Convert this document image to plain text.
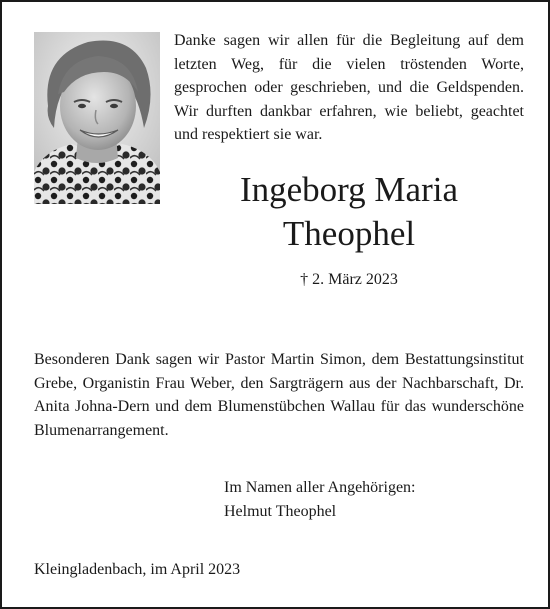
Danke sagen wir allen für die Begleitung auf dem letzten Weg, für die vielen tröstenden Worte, gesprochen oder geschrieben, und die Geldspenden. Wir durften dankbar erfahren, wie beliebt, geachtet und respektiert sie war.

Ingeborg Maria
Theophel

† 2. März 2023

Besonderen Dank sagen wir Pastor Martin Simon, dem Bestattungsinstitut Grebe, Organistin Frau Weber, den Sargträgern aus der Nachbarschaft, Dr. Anita Johna-Dern und dem Blumenstübchen Wallau für das wunderschöne Blumenarrangement.

Im Namen aller Angehörigen:
Helmut Theophel

Kleingladenbach, im April 2023
